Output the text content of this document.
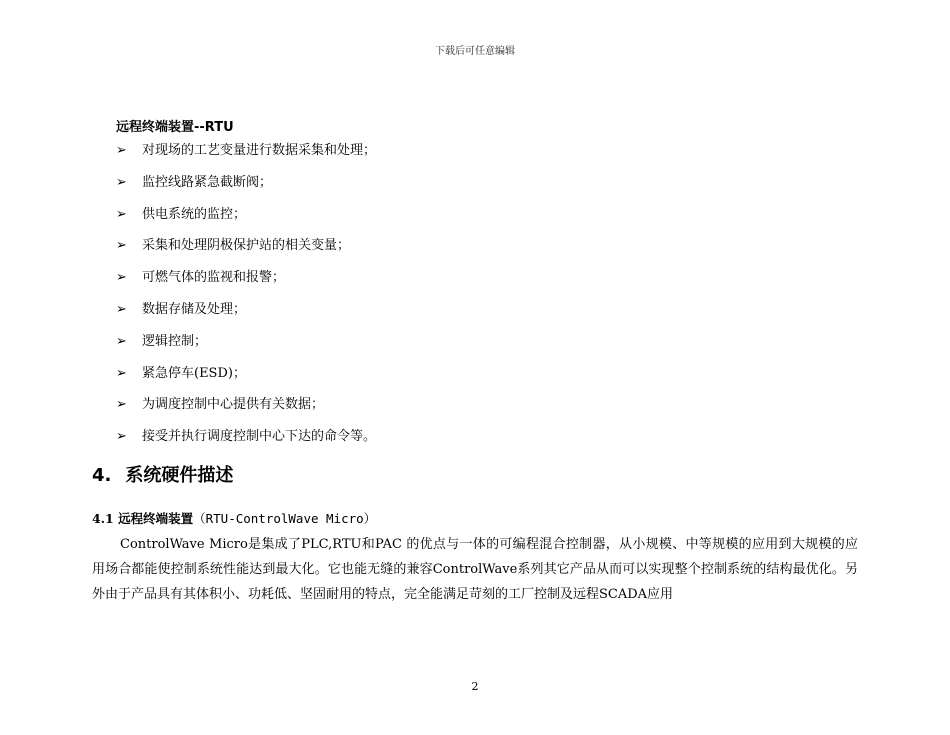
下载后可任意编辑
远程终端装置--RTU
➢ 对现场的工艺变量进行数据采集和处理；
➢ 监控线路紧急截断阀；
➢ 供电系统的监控；
➢ 采集和处理阴极保护站的相关变量；
➢ 可燃气体的监视和报警；
➢ 数据存储及处理；
➢ 逻辑控制；
➢ 紧急停车(ESD)；
➢ 为调度控制中心提供有关数据；
➢ 接受并执行调度控制中心下达的命令等。
4. 系统硬件描述
4.1 远程终端装置（RTU-ControlWave Micro）

ControlWave Micro是集成了PLC,RTU和PAC 的优点与一体的可编程混合控制器，从小规模、中等规模的应用到大规模的应用场合都能使控制系统性能达到最大化。它也能无缝的兼容ControlWave系列其它产品从而可以实现整个控制系统的结构最优化。另外由于产品具有其体积小、功耗低、坚固耐用的特点，完全能满足苛刻的工厂控制及远程SCADA应用

2
